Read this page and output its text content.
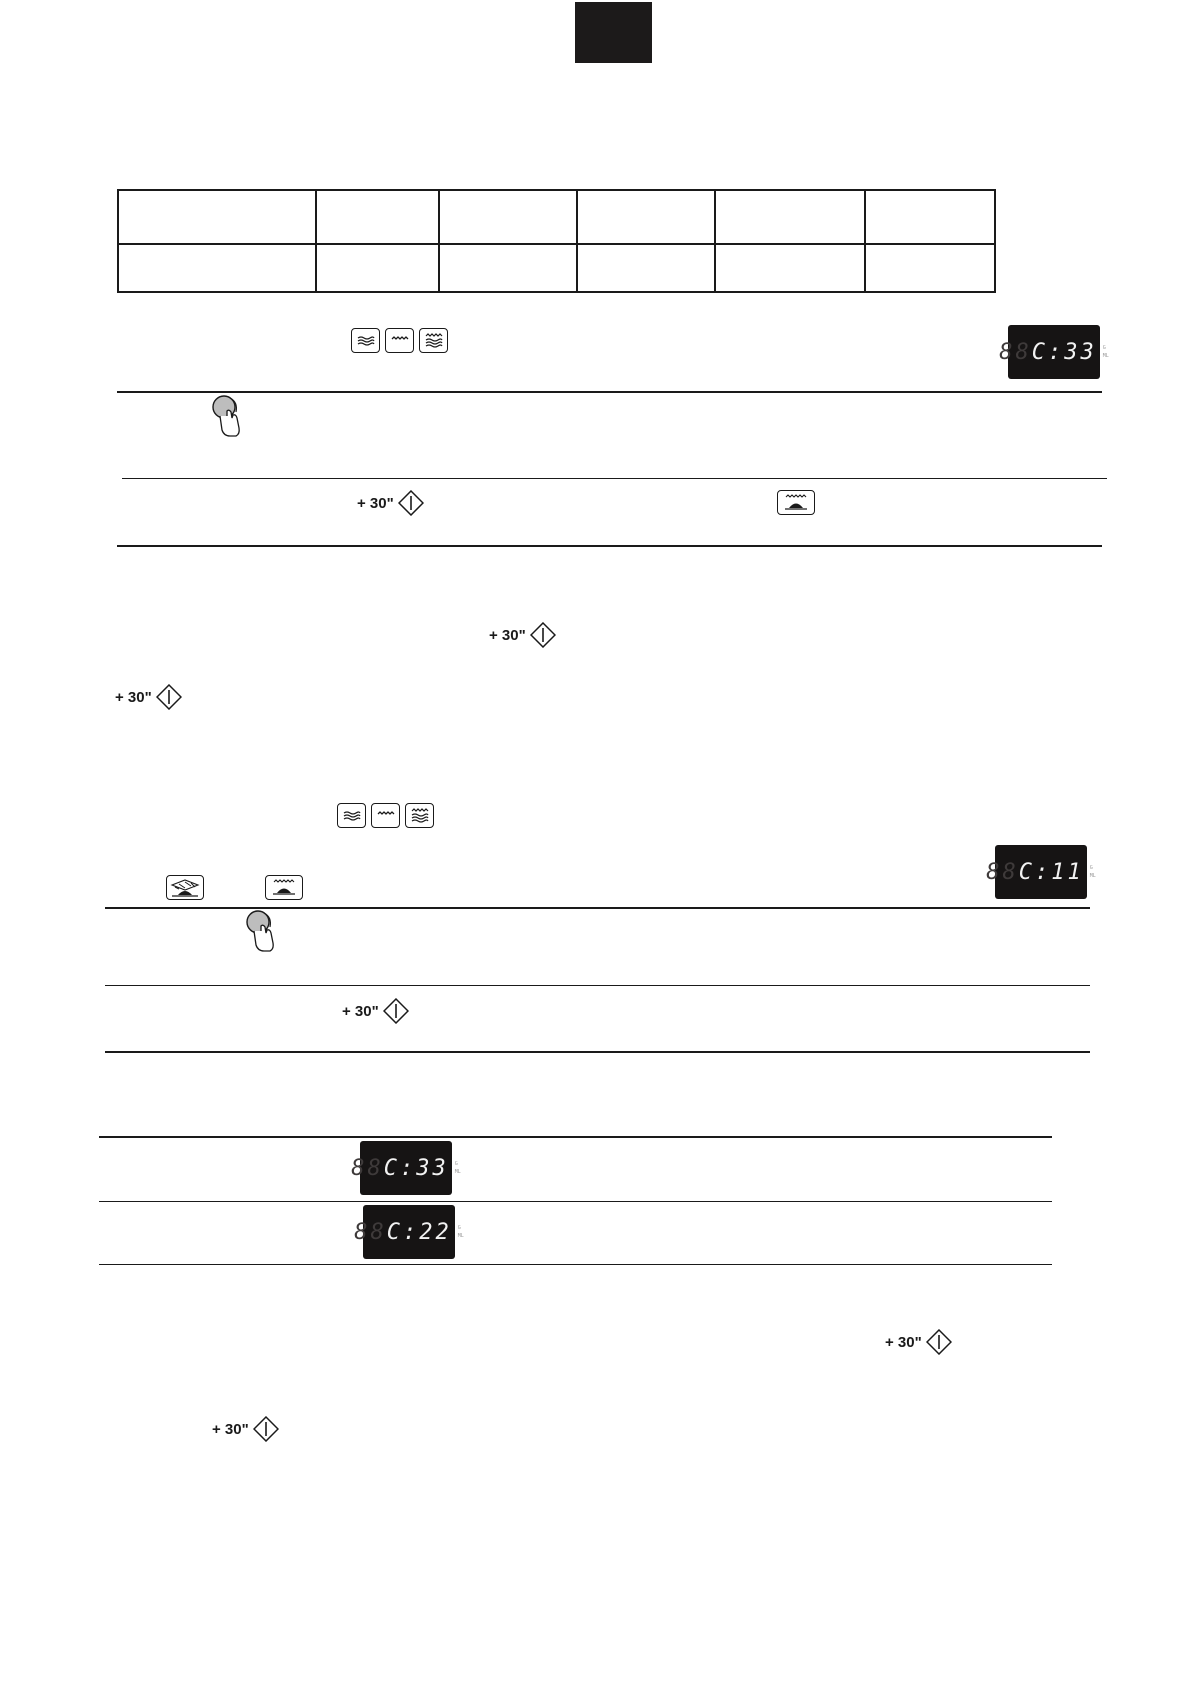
88C:33 G
ML
+ 30"
+ 30"
+ 30"
88C:11 G
ML
+ 30"
88C:33 G
ML
88C:22 G
ML
+ 30"
+ 30"
